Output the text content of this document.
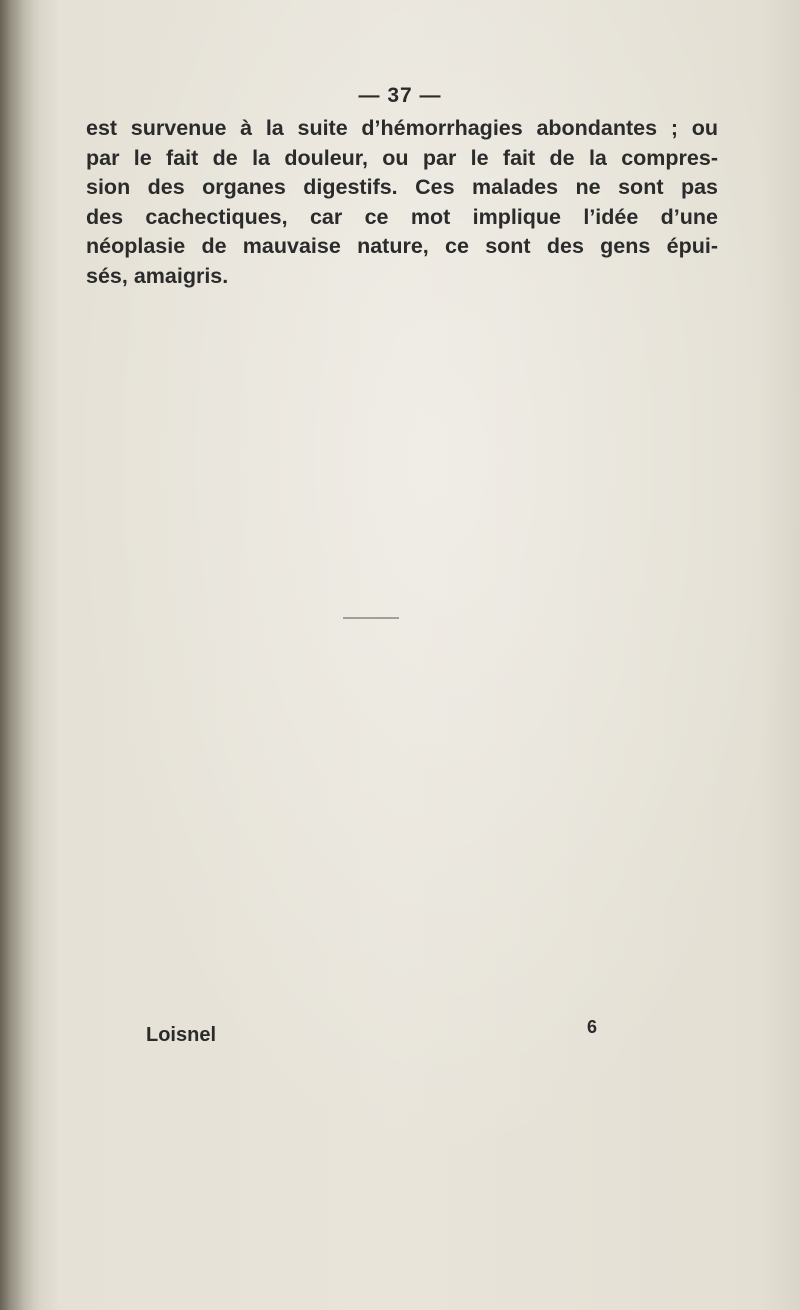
— 37 —
est survenue à la suite d’hémorrhagies abondantes ; ou
par le fait de la douleur, ou par le fait de la compres-
sion des organes digestifs. Ces malades ne sont pas
des cachectiques, car ce mot implique l’idée d’une
néoplasie de mauvaise nature, ce sont des gens épui-
sés, amaigris.
Loisnel	6
